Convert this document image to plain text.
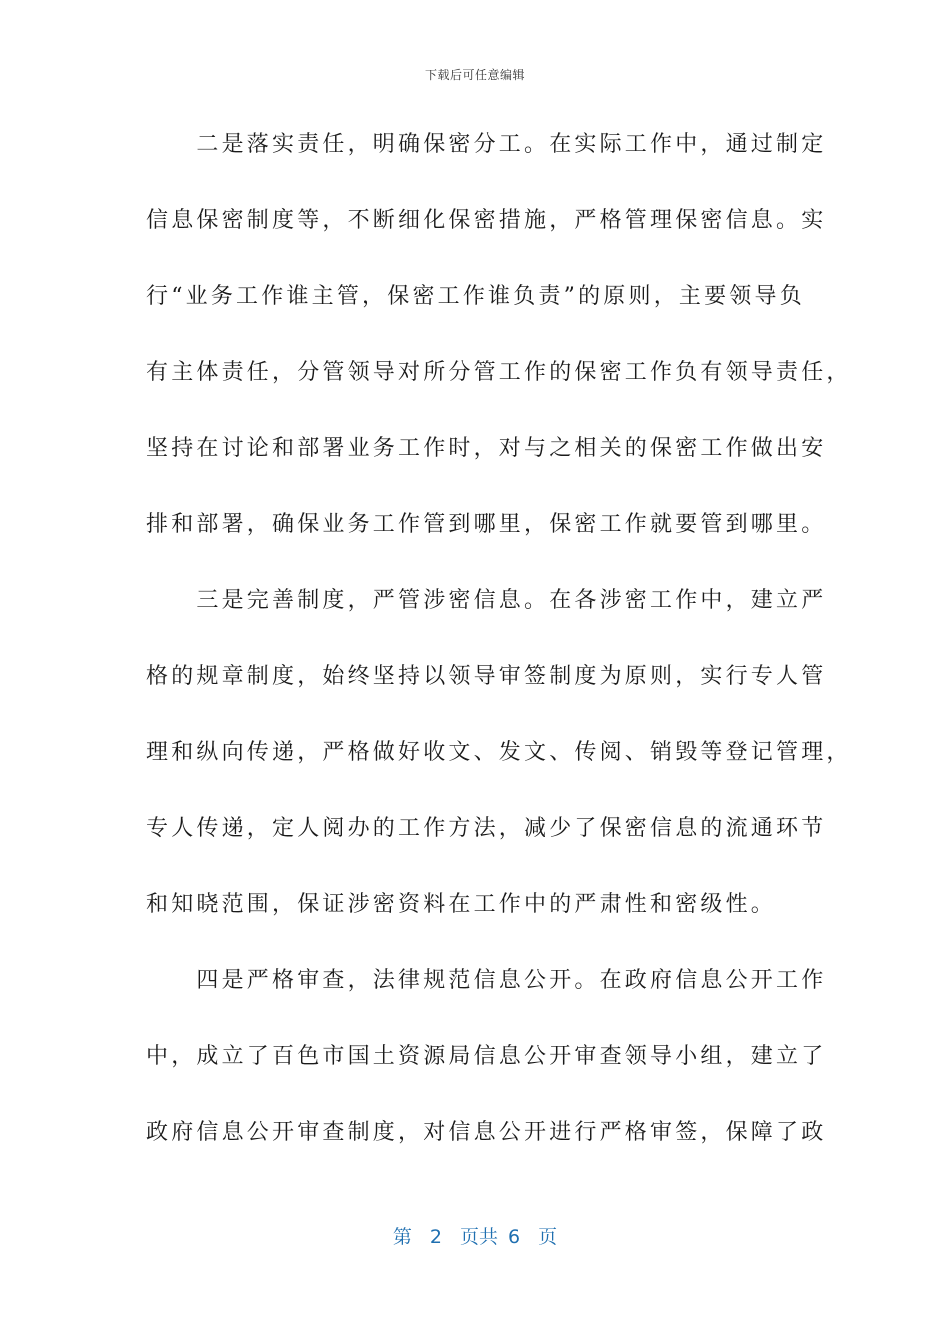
下载后可任意编辑
　　二是落实责任，明确保密分工。在实际工作中，通过制定
信息保密制度等，不断细化保密措施，严格管理保密信息。实
行“业务工作谁主管，保密工作谁负责”的原则，主要领导负
有主体责任，分管领导对所分管工作的保密工作负有领导责任，
坚持在讨论和部署业务工作时，对与之相关的保密工作做出安
排和部署，确保业务工作管到哪里，保密工作就要管到哪里。
　　三是完善制度，严管涉密信息。在各涉密工作中，建立严
格的规章制度，始终坚持以领导审签制度为原则，实行专人管
理和纵向传递，严格做好收文、发文、传阅、销毁等登记管理，
专人传递，定人阅办的工作方法，减少了保密信息的流通环节
和知晓范围，保证涉密资料在工作中的严肃性和密级性。
　　四是严格审查，法律规范信息公开。在政府信息公开工作
中，成立了百色市国土资源局信息公开审查领导小组，建立了
政府信息公开审查制度，对信息公开进行严格审签，保障了政
第 2 页共 6 页
